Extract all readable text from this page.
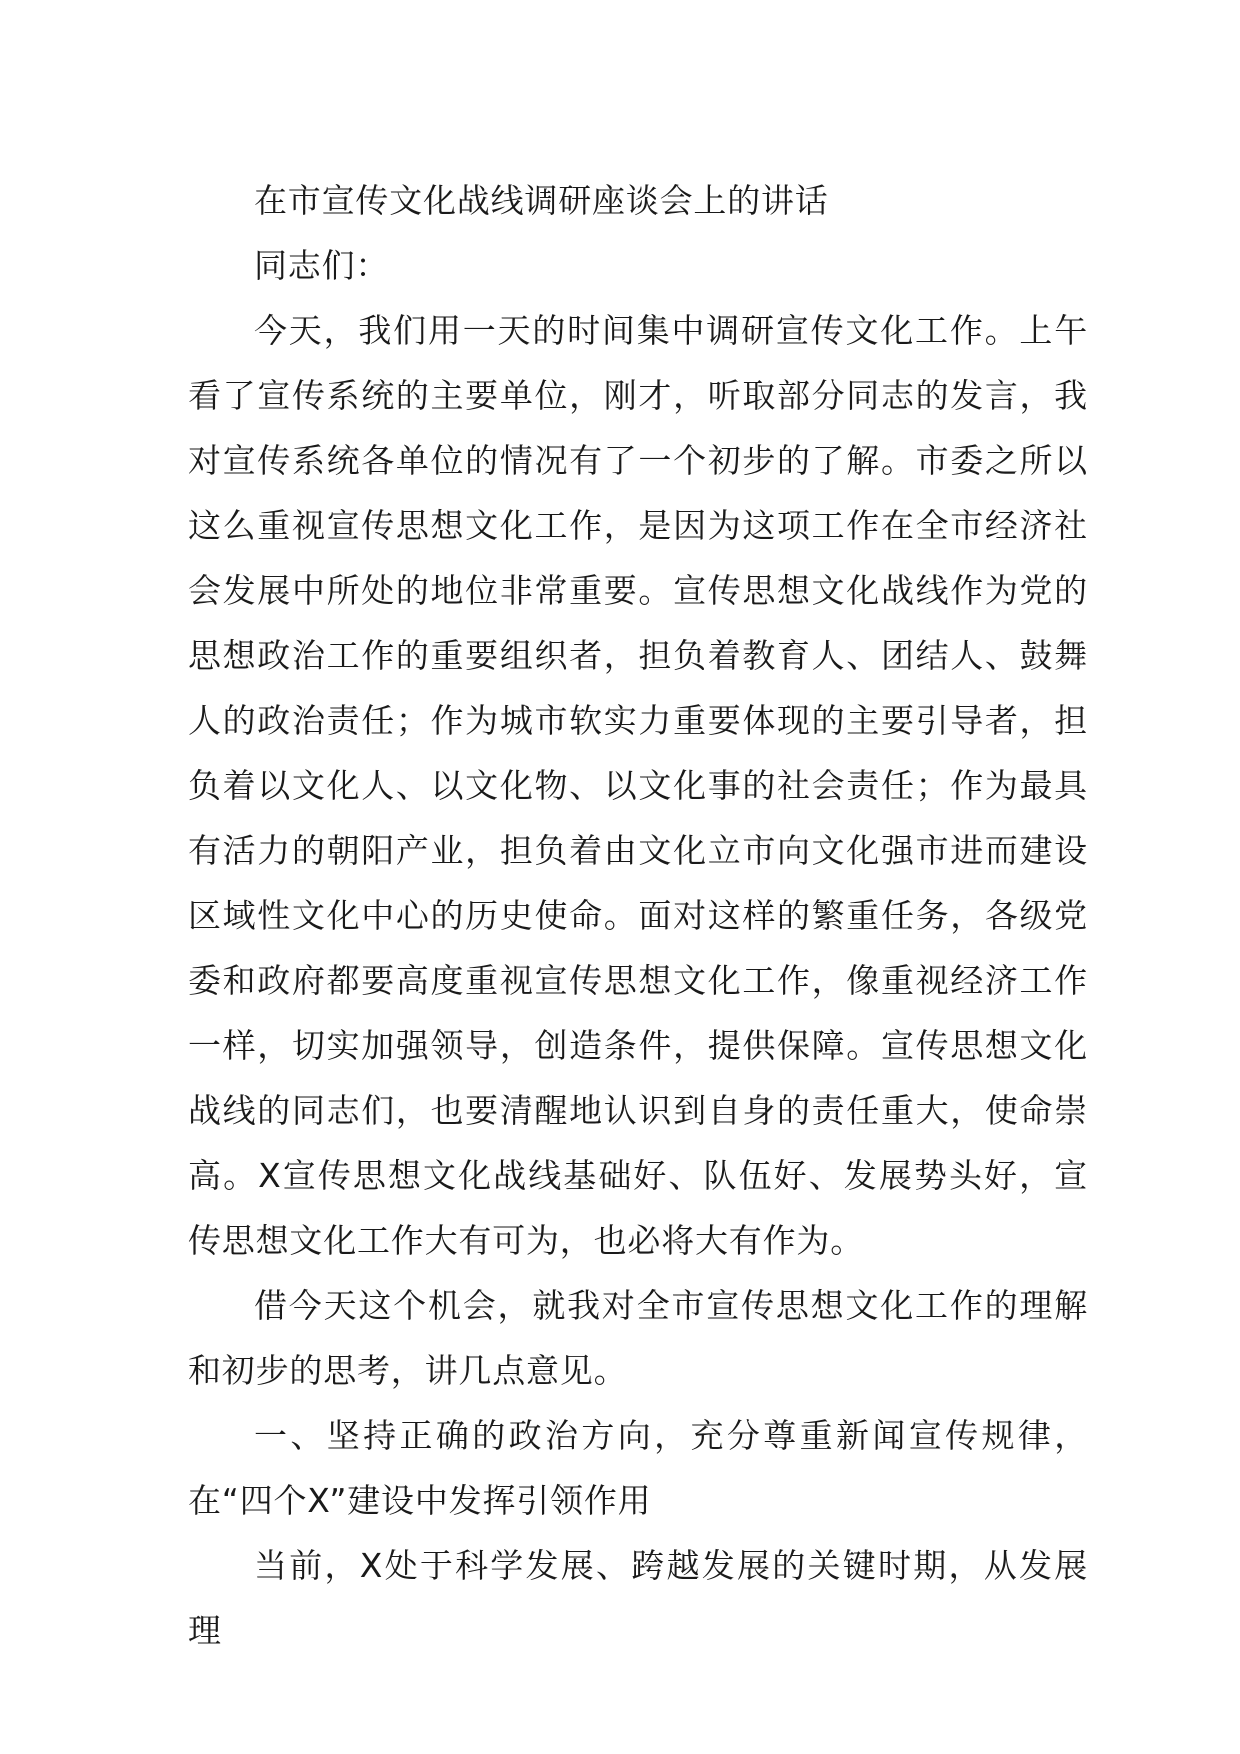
在市宣传文化战线调研座谈会上的讲话

同志们：

今天，我们用一天的时间集中调研宣传文化工作。上午看了宣传系统的主要单位，刚才，听取部分同志的发言，我对宣传系统各单位的情况有了一个初步的了解。市委之所以这么重视宣传思想文化工作，是因为这项工作在全市经济社会发展中所处的地位非常重要。宣传思想文化战线作为党的思想政治工作的重要组织者，担负着教育人、团结人、鼓舞人的政治责任；作为城市软实力重要体现的主要引导者，担负着以文化人、以文化物、以文化事的社会责任；作为最具有活力的朝阳产业，担负着由文化立市向文化强市进而建设区域性文化中心的历史使命。面对这样的繁重任务，各级党委和政府都要高度重视宣传思想文化工作，像重视经济工作一样，切实加强领导，创造条件，提供保障。宣传思想文化战线的同志们，也要清醒地认识到自身的责任重大，使命崇高。X宣传思想文化战线基础好、队伍好、发展势头好，宣传思想文化工作大有可为，也必将大有作为。

借今天这个机会，就我对全市宣传思想文化工作的理解和初步的思考，讲几点意见。

一、坚持正确的政治方向，充分尊重新闻宣传规律，在“四个X”建设中发挥引领作用

当前，X处于科学发展、跨越发展的关键时期，从发展理
